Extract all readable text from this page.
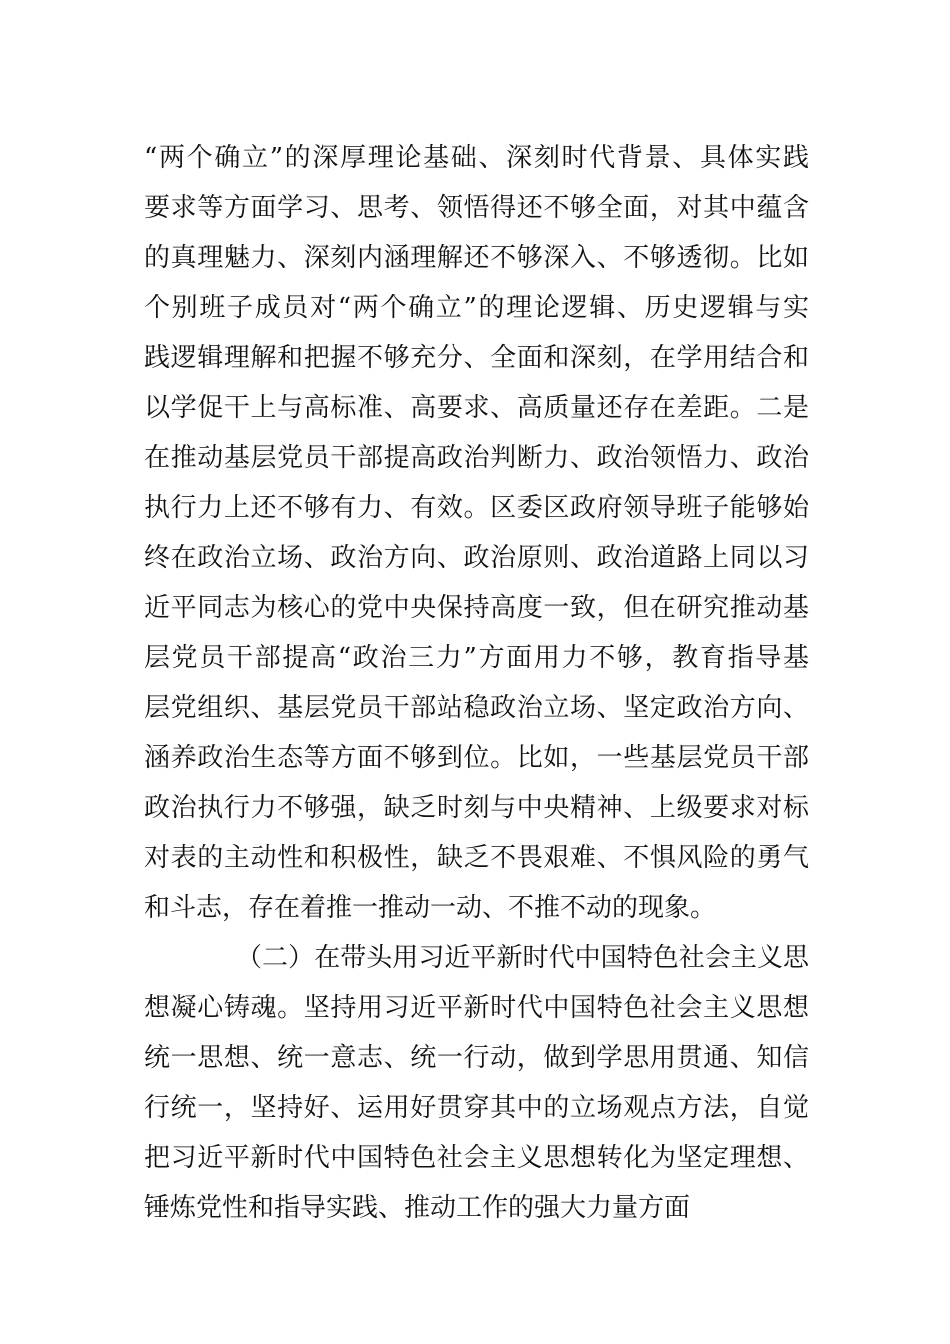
“两个确立”的深厚理论基础、深刻时代背景、具体实践
要求等方面学习、思考、领悟得还不够全面，对其中蕴含
的真理魅力、深刻内涵理解还不够深入、不够透彻。比如
个别班子成员对“两个确立”的理论逻辑、历史逻辑与实
践逻辑理解和把握不够充分、全面和深刻，在学用结合和
以学促干上与高标准、高要求、高质量还存在差距。二是
在推动基层党员干部提高政治判断力、政治领悟力、政治
执行力上还不够有力、有效。区委区政府领导班子能够始
终在政治立场、政治方向、政治原则、政治道路上同以习
近平同志为核心的党中央保持高度一致，但在研究推动基
层党员干部提高“政治三力”方面用力不够，教育指导基
层党组织、基层党员干部站稳政治立场、坚定政治方向、
涵养政治生态等方面不够到位。比如，一些基层党员干部
政治执行力不够强，缺乏时刻与中央精神、上级要求对标
对表的主动性和积极性，缺乏不畏艰难、不惧风险的勇气
和斗志，存在着推一推动一动、不推不动的现象。
（二）在带头用习近平新时代中国特色社会主义思
想凝心铸魂。坚持用习近平新时代中国特色社会主义思想
统一思想、统一意志、统一行动，做到学思用贯通、知信
行统一，坚持好、运用好贯穿其中的立场观点方法，自觉
把习近平新时代中国特色社会主义思想转化为坚定理想、
锤炼党性和指导实践、推动工作的强大力量方面
